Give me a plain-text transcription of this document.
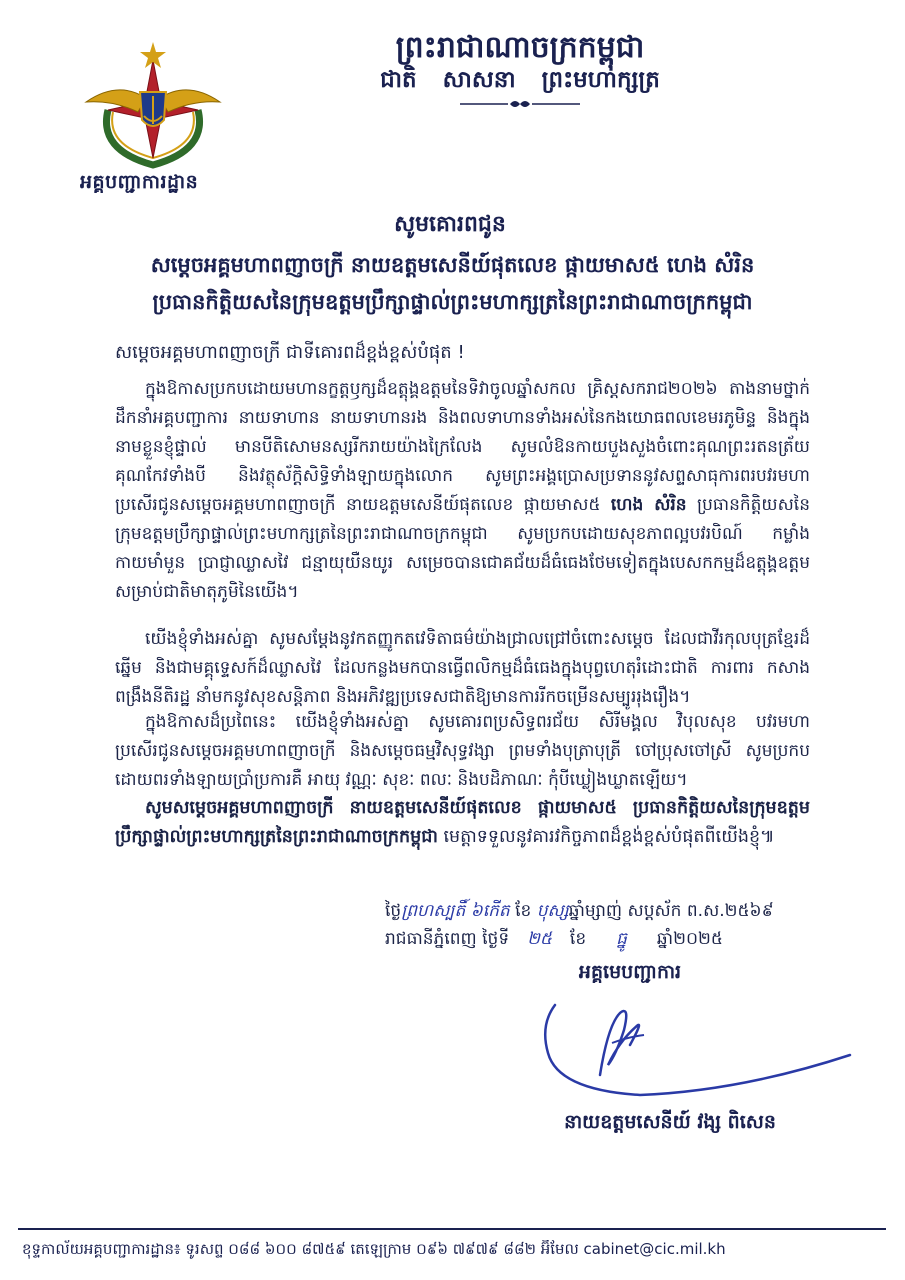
អគ្គបញ្ជាការដ្ឋាន
ព្រះរាជាណាចក្រកម្ពុជា
ជាតិ សាសនា ព្រះមហាក្សត្រ
សូមគោរពជូន
សម្តេចអគ្គមហាពញាចក្រី នាយឧត្តមសេនីយ៍ផុតលេខ ផ្កាយមាស៥ ហេង សំរិន
ប្រធានកិត្តិយសនៃក្រុមឧត្តមប្រឹក្សាផ្ទាល់ព្រះមហាក្សត្រនៃព្រះរាជាណាចក្រកម្ពុជា
សម្តេចអគ្គមហាពញាចក្រី ជាទីគោរពដ៏ខ្ពង់ខ្ពស់បំផុត !
ក្នុងឱកាសប្រកបដោយមហានក្ខត្តឫក្សដ៏ឧត្តុង្គឧត្តមនៃទិវាចូលឆ្នាំសកល គ្រិស្តសករាជ២០២៦ តាងនាមថ្នាក់ដឹកនាំអគ្គបញ្ជាការ នាយទាហាន នាយទាហានរង និងពលទាហានទាំងអស់នៃកងយោធពលខេមរភូមិន្ទ និងក្នុងនាមខ្លួនខ្ញុំផ្ទាល់ មានបីតិសោមនស្សរីករាយយ៉ាងក្រៃលែង សូមលំឱនកាយបួងសួងចំពោះគុណព្រះរតនត្រ័យគុណកែវទាំងបី និងវត្ថុស័ក្តិសិទ្ធិទាំងឡាយក្នុងលោក សូមព្រះអង្គប្រោសប្រទាននូវសព្ទសាធុការពរបវរមហាប្រសើរជូនសម្តេចអគ្គមហាពញាចក្រី នាយឧត្តមសេនីយ៍ផុតលេខ ផ្កាយមាស៥ ហេង សំរិន ប្រធានកិត្តិយសនៃក្រុមឧត្តមប្រឹក្សាផ្ទាល់ព្រះមហាក្សត្រនៃព្រះរាជាណាចក្រកម្ពុជា សូមប្រកបដោយសុខភាពល្អបវរបិណ៍ កម្លាំងកាយមាំមួន ប្រាជ្ញាឈ្លាសវៃ ជន្មាយុយឺនយូរ សម្រេចបានជោគជ័យដ៏ធំធេងថែមទៀតក្នុងបេសកកម្មដ៏ឧត្តុង្គឧត្តមសម្រាប់ជាតិមាតុភូមិនៃយើង។
យើងខ្ញុំទាំងអស់គ្នា សូមសម្តែងនូវកតញ្ញូកតវេទិតាធម៌យ៉ាងជ្រាលជ្រៅចំពោះសម្តេច ដែលជាវីរកុលបុត្រខ្មែរដ៏ឆ្នើម និងជាមគ្គុទ្ទេសក៍ដ៏ឈ្លាសវៃ ដែលកន្លងមកបានធ្វើពលិកម្មដ៏ធំធេងក្នុងបុព្វហេតុរំដោះជាតិ ការពារ កសាង ពង្រឹងនីតិរដ្ឋ នាំមកនូវសុខសន្តិភាព និងអភិវឌ្ឍប្រទេសជាតិឱ្យមានការរីកចម្រើនសម្បូររុងរឿង។
ក្នុងឱកាសដ៏ប្រពៃនេះ យើងខ្ញុំទាំងអស់គ្នា សូមគោរពប្រសិទ្ធពរជ័យ សិរីមង្គល វិបុលសុខ បវរមហាប្រសើរជូនសម្តេចអគ្គមហាពញាចក្រី និងសម្តេចធម្មវិសុទ្ធវង្សា ព្រមទាំងបុត្រាបុត្រី ចៅប្រុសចៅស្រី សូមប្រកបដោយពរទាំងឡាយប្រាំប្រការគឺ អាយុ វណ្ណៈ សុខៈ ពលៈ និងបដិភាណៈ កុំបីឃ្លៀងឃ្លាតឡើយ។
សូមសម្តេចអគ្គមហាពញាចក្រី នាយឧត្តមសេនីយ៍ផុតលេខ ផ្កាយមាស៥ ប្រធានកិត្តិយសនៃក្រុមឧត្តមប្រឹក្សាផ្ទាល់ព្រះមហាក្សត្រនៃព្រះរាជាណាចក្រកម្ពុជា មេត្តាទទួលនូវគារវកិច្ចភាពដ៏ខ្ពង់ខ្ពស់បំផុតពីយើងខ្ញុំ៕
ថ្ងៃព្រហស្បតិ៍ ៦កើត ខែ បុស្សឆ្នាំម្សាញ់ សប្តស័ក ព.ស.២៥៦៩
រាជធានីភ្នំពេញ ថ្ងៃទី ២៥ ខែ ធ្នូ ឆ្នាំ២០២៥
អគ្គមេបញ្ជាការ
នាយឧត្តមសេនីយ៍ វង្ស ពិសេន
ខុទ្ទកាល័យអគ្គបញ្ជាការដ្ឋាន៖ ទូរសព្ទ ០៨៨ ៦០០ ៨៧៥៩ តេឡេក្រាម ០៩៦ ៧៩៧៩ ៨៨២ អ៊ីមែល cabinet@cic.mil.kh
